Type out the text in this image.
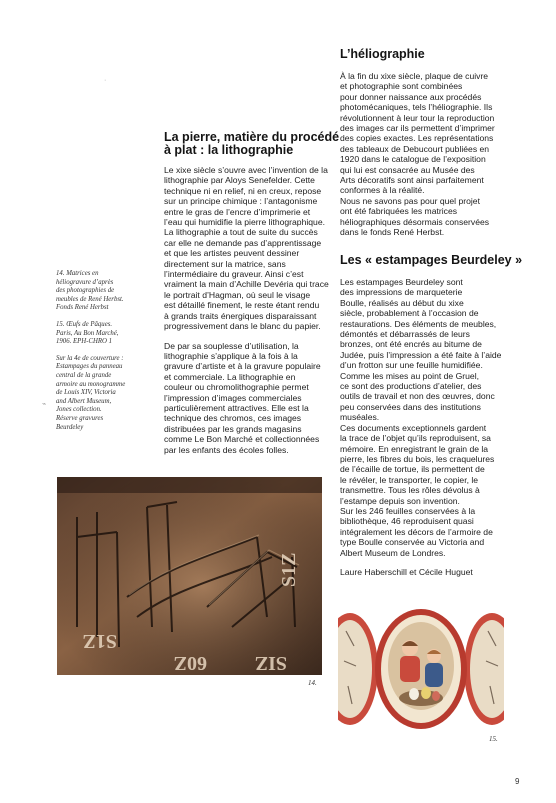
·
⌁
L’héliographie

À la fin du xixe siècle, plaque de cuivre
et photographie sont combinées
pour donner naissance aux procédés
photomécaniques, tels l’héliographie. Ils
révolutionnent à leur tour la reproduction
des images car ils permettent d’imprimer
des copies exactes. Les représentations
des tableaux de Debucourt publiées en
1920 dans le catalogue de l’exposition
qui lui est consacrée au Musée des
Arts décoratifs sont ainsi parfaitement
conformes à la réalité.
Nous ne savons pas pour quel projet
ont été fabriquées les matrices
héliographiques désormais conservées
dans le fonds René Herbst.

Les « estampages Beurdeley »

Les estampages Beurdeley sont
des impressions de marqueterie
Boulle, réalisés au début du xixe
siècle, probablement à l’occasion de
restaurations. Des éléments de meubles,
démontés et débarrassés de leurs
bronzes, ont été encrés au bitume de
Judée, puis l’impression a été faite à l’aide
d’un frotton sur une feuille humidifiée.
Comme les mises au point de Gruel,
ce sont des productions d’atelier, des
outils de travail et non des œuvres, donc
peu conservées dans des institutions
muséales.
Ces documents exceptionnels gardent
la trace de l’objet qu’ils reproduisent, sa
mémoire. En enregistrant le grain de la
pierre, les fibres du bois, les craquelures
de l’écaille de tortue, ils permettent de
le révéler, le transporter, le copier, le
transmettre. Tous les rôles dévolus à
l’estampe depuis son invention.
Sur les 246 feuilles conservées à la
bibliothèque, 46 reproduisent quasi
intégralement les décors de l’armoire de
type Boulle conservée au Victoria and
Albert Museum de Londres.

Laure Haberschill et Cécile Huguet

La pierre, matière du procédé
à plat : la lithographie

Le xixe siècle s’ouvre avec l’invention de la
lithographie par Aloys Senefelder. Cette
technique ni en relief, ni en creux, repose
sur un principe chimique : l’antagonisme
entre le gras de l’encre d’imprimerie et
l’eau qui humidifie la pierre lithographique.
La lithographie a tout de suite du succès
car elle ne demande pas d’apprentissage
et que les artistes peuvent dessiner
directement sur la matrice, sans
l’intermédiaire du graveur. Ainsi c’est
vraiment la main d’Achille Devéria qui trace
le portrait d’Hagman, où seul le visage
est détaillé finement, le reste étant rendu
à grands traits énergiques disparaissant
progressivement dans le blanc du papier.

De par sa souplesse d’utilisation, la
lithographie s’applique à la fois à la
gravure d’artiste et à la gravure populaire
et commerciale. La lithographie en
couleur ou chromolithographie permet
l’impression d’images commerciales
particulièrement attractives. Elle est la
technique des chromos, ces images
distribuées par les grands magasins
comme Le Bon Marché et collectionnées
par les enfants des écoles folles.

14. Matrices en
héliogravure d’après
des photographies de
meubles de René Herbst.
Fonds René Herbst

15. Œufs de Pâques.
Paris, Au Bon Marché,
1906. EPH-CHRO 1

Sur la 4e de couverture :
Estampages du panneau
central de la grande
armoire au monogramme
de Louis XIV, Victoria
and Albert Museum,
Jones collection.
Réserve gravures
Beurdeley

S1Z
60Z
S1Z
SIZ
14.
15.
9
